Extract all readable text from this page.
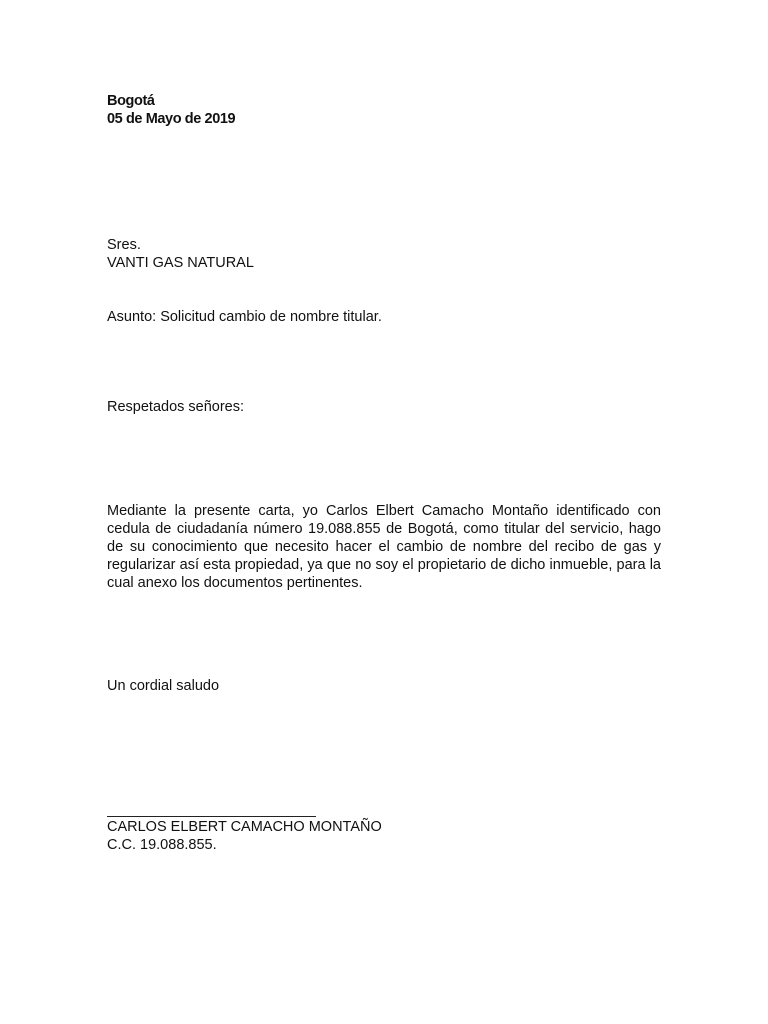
Bogotá
05 de Mayo de 2019
Sres.
VANTI GAS NATURAL
Asunto: Solicitud cambio de nombre titular.
Respetados señores:
Mediante la presente carta, yo Carlos Elbert Camacho Montaño identificado con cedula de ciudadanía número 19.088.855 de Bogotá, como titular del servicio, hago de su conocimiento que necesito hacer el cambio de nombre del recibo de gas y regularizar así esta propiedad, ya que no soy el propietario de dicho inmueble, para la cual anexo los documentos pertinentes.
Un cordial saludo
CARLOS ELBERT CAMACHO MONTAÑO
C.C. 19.088.855.
